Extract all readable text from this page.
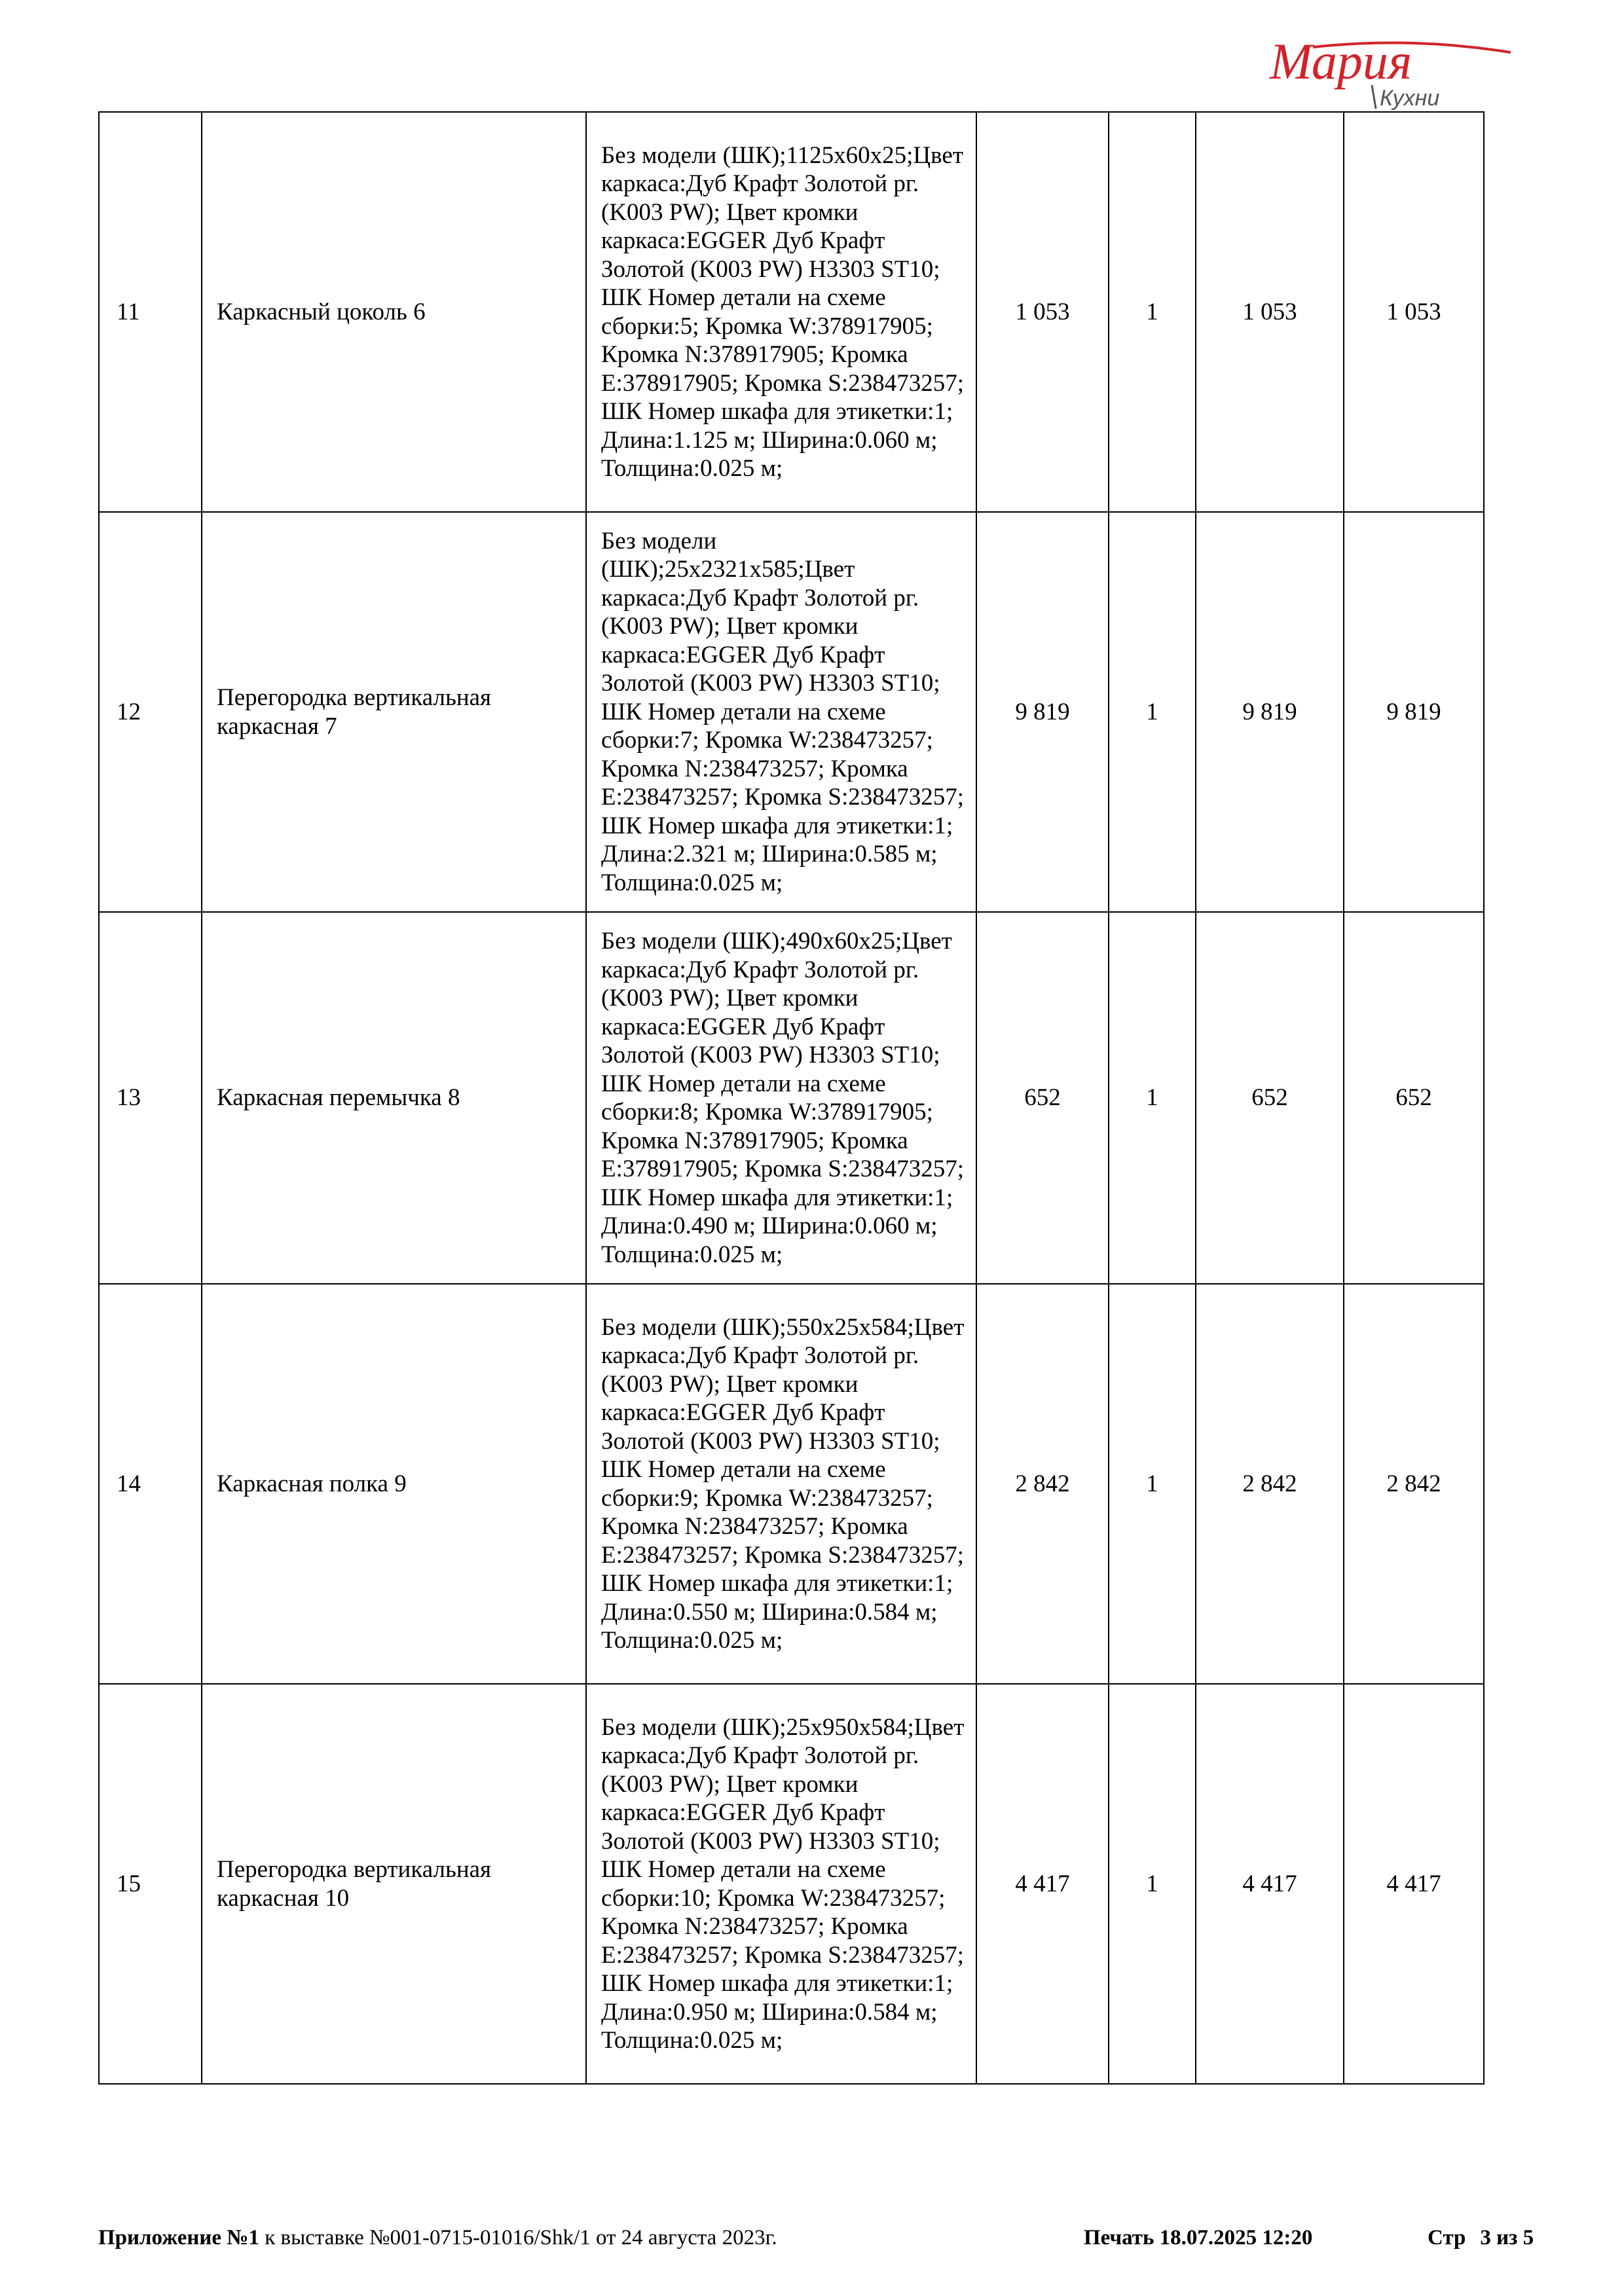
Мария
Кухни
11	Каркасный цоколь 6	Без модели (ШК);1125x60x25;Цвет каркаса:Дуб Крафт Золотой рг. (K003 PW); Цвет кромки каркаса:EGGER Дуб Крафт Золотой (K003 PW) H3303 ST10; ШК Номер детали на схеме сборки:5; Кромка W:378917905; Кромка N:378917905; Кромка E:378917905; Кромка S:238473257; ШК Номер шкафа для этикетки:1; Длина:1.125 м; Ширина:0.060 м; Толщина:0.025 м;	1 053	1	1 053	1 053
12	Перегородка вертикальная каркасная 7	Без модели (ШК);25x2321x585;Цвет каркаса:Дуб Крафт Золотой рг. (K003 PW); Цвет кромки каркаса:EGGER Дуб Крафт Золотой (K003 PW) H3303 ST10; ШК Номер детали на схеме сборки:7; Кромка W:238473257; Кромка N:238473257; Кромка E:238473257; Кромка S:238473257; ШК Номер шкафа для этикетки:1; Длина:2.321 м; Ширина:0.585 м; Толщина:0.025 м;	9 819	1	9 819	9 819
13	Каркасная перемычка 8	Без модели (ШК);490x60x25;Цвет каркаса:Дуб Крафт Золотой рг. (K003 PW); Цвет кромки каркаса:EGGER Дуб Крафт Золотой (K003 PW) H3303 ST10; ШК Номер детали на схеме сборки:8; Кромка W:378917905; Кромка N:378917905; Кромка E:378917905; Кромка S:238473257; ШК Номер шкафа для этикетки:1; Длина:0.490 м; Ширина:0.060 м; Толщина:0.025 м;	652	1	652	652
14	Каркасная полка 9	Без модели (ШК);550x25x584;Цвет каркаса:Дуб Крафт Золотой рг. (K003 PW); Цвет кромки каркаса:EGGER Дуб Крафт Золотой (K003 PW) H3303 ST10; ШК Номер детали на схеме сборки:9; Кромка W:238473257; Кромка N:238473257; Кромка E:238473257; Кромка S:238473257; ШК Номер шкафа для этикетки:1; Длина:0.550 м; Ширина:0.584 м; Толщина:0.025 м;	2 842	1	2 842	2 842
15	Перегородка вертикальная каркасная 10	Без модели (ШК);25x950x584;Цвет каркаса:Дуб Крафт Золотой рг. (K003 PW); Цвет кромки каркаса:EGGER Дуб Крафт Золотой (K003 PW) H3303 ST10; ШК Номер детали на схеме сборки:10; Кромка W:238473257; Кромка N:238473257; Кромка E:238473257; Кромка S:238473257; ШК Номер шкафа для этикетки:1; Длина:0.950 м; Ширина:0.584 м; Толщина:0.025 м;	4 417	1	4 417	4 417
Приложение №1 к выставке №001-0715-01016/Shk/1 от 24 августа 2023г.	Печать 18.07.2025 12:20	Стр 3 из 5
